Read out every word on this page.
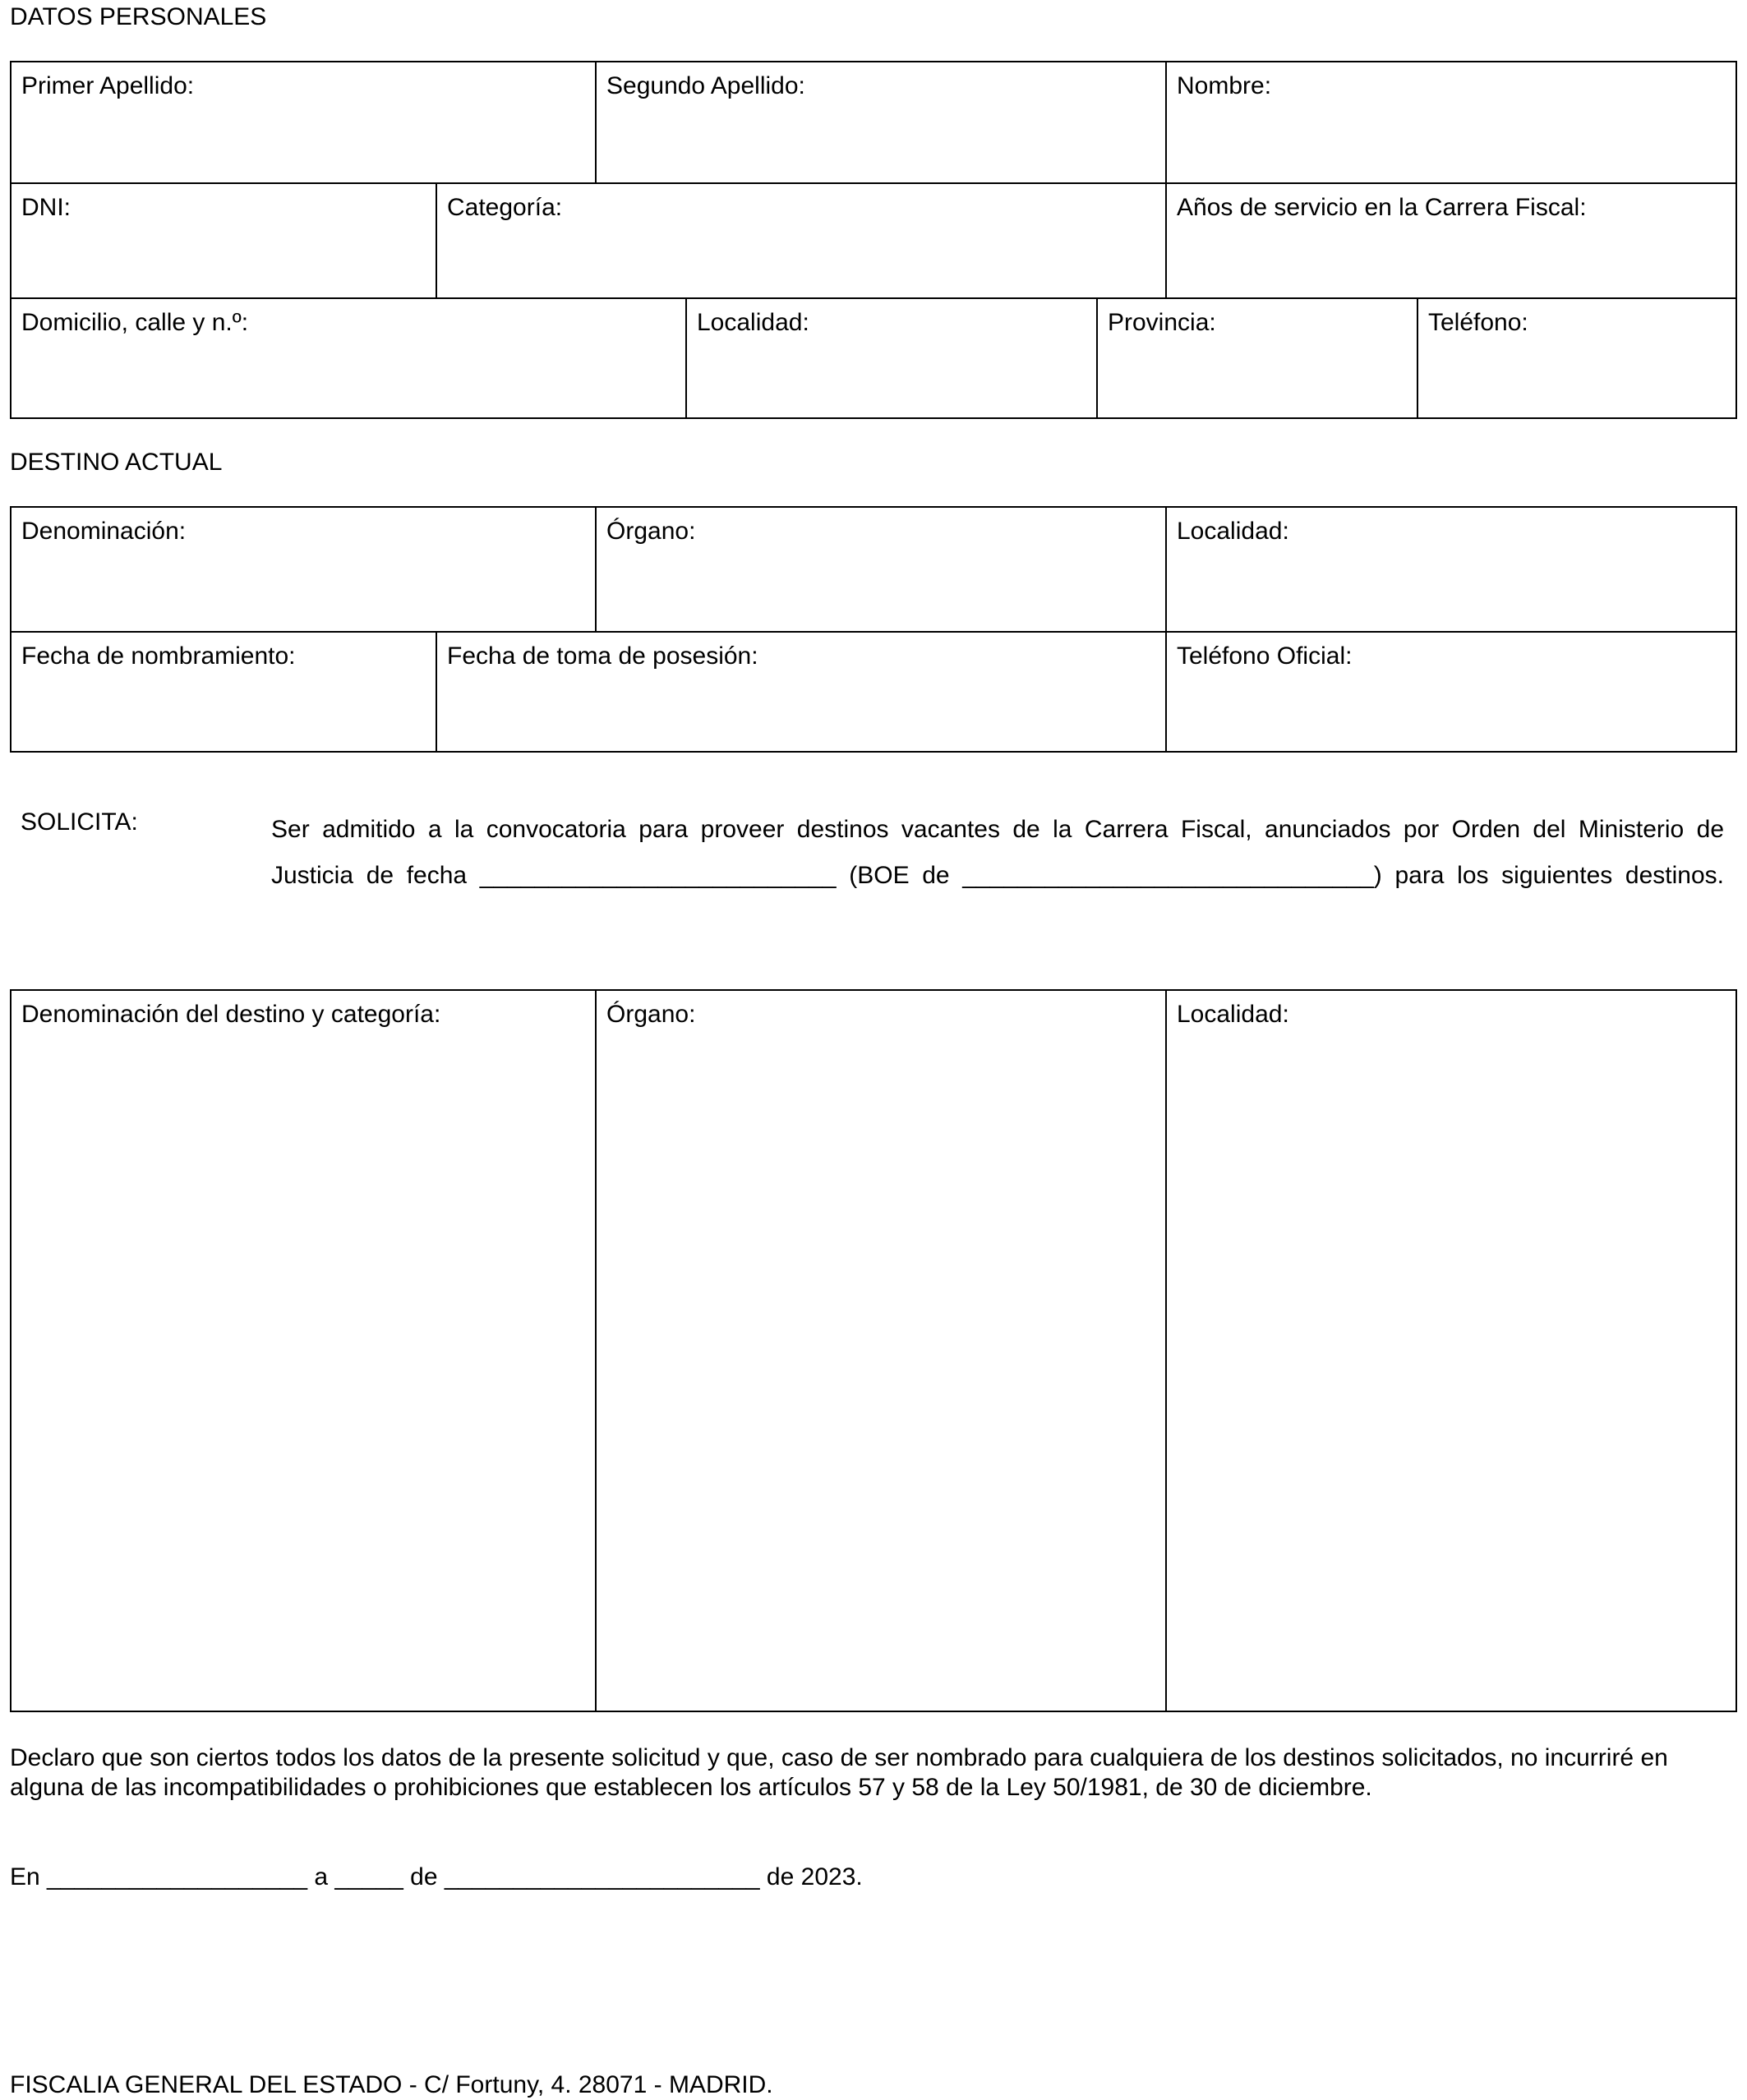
DATOS PERSONALES
Primer Apellido:	Segundo Apellido:	Nombre:
DNI:	Categoría:	Años de servicio en la Carrera Fiscal:
Domicilio, calle y n.º:	Localidad:	Provincia:	Teléfono:
DESTINO ACTUAL
Denominación:	Órgano:	Localidad:
Fecha de nombramiento:	Fecha de toma de posesión:	Teléfono Oficial:
SOLICITA:	Ser admitido a la convocatoria para proveer destinos vacantes de la Carrera Fiscal, anunciados por Orden del Ministerio de
Justicia de fecha __________________________ (BOE de ______________________________) para los siguientes destinos.
Denominación del destino y categoría:	Órgano:	Localidad:
Declaro que son ciertos todos los datos de la presente solicitud y que, caso de ser nombrado para cualquiera de los destinos solicitados, no incurriré en alguna de las incompatibilidades o prohibiciones que establecen los artículos 57 y 58 de la Ley 50/1981, de 30 de diciembre.
En ___________________ a _____ de _______________________ de 2023.
FISCALIA GENERAL DEL ESTADO - C/ Fortuny, 4. 28071 - MADRID.
